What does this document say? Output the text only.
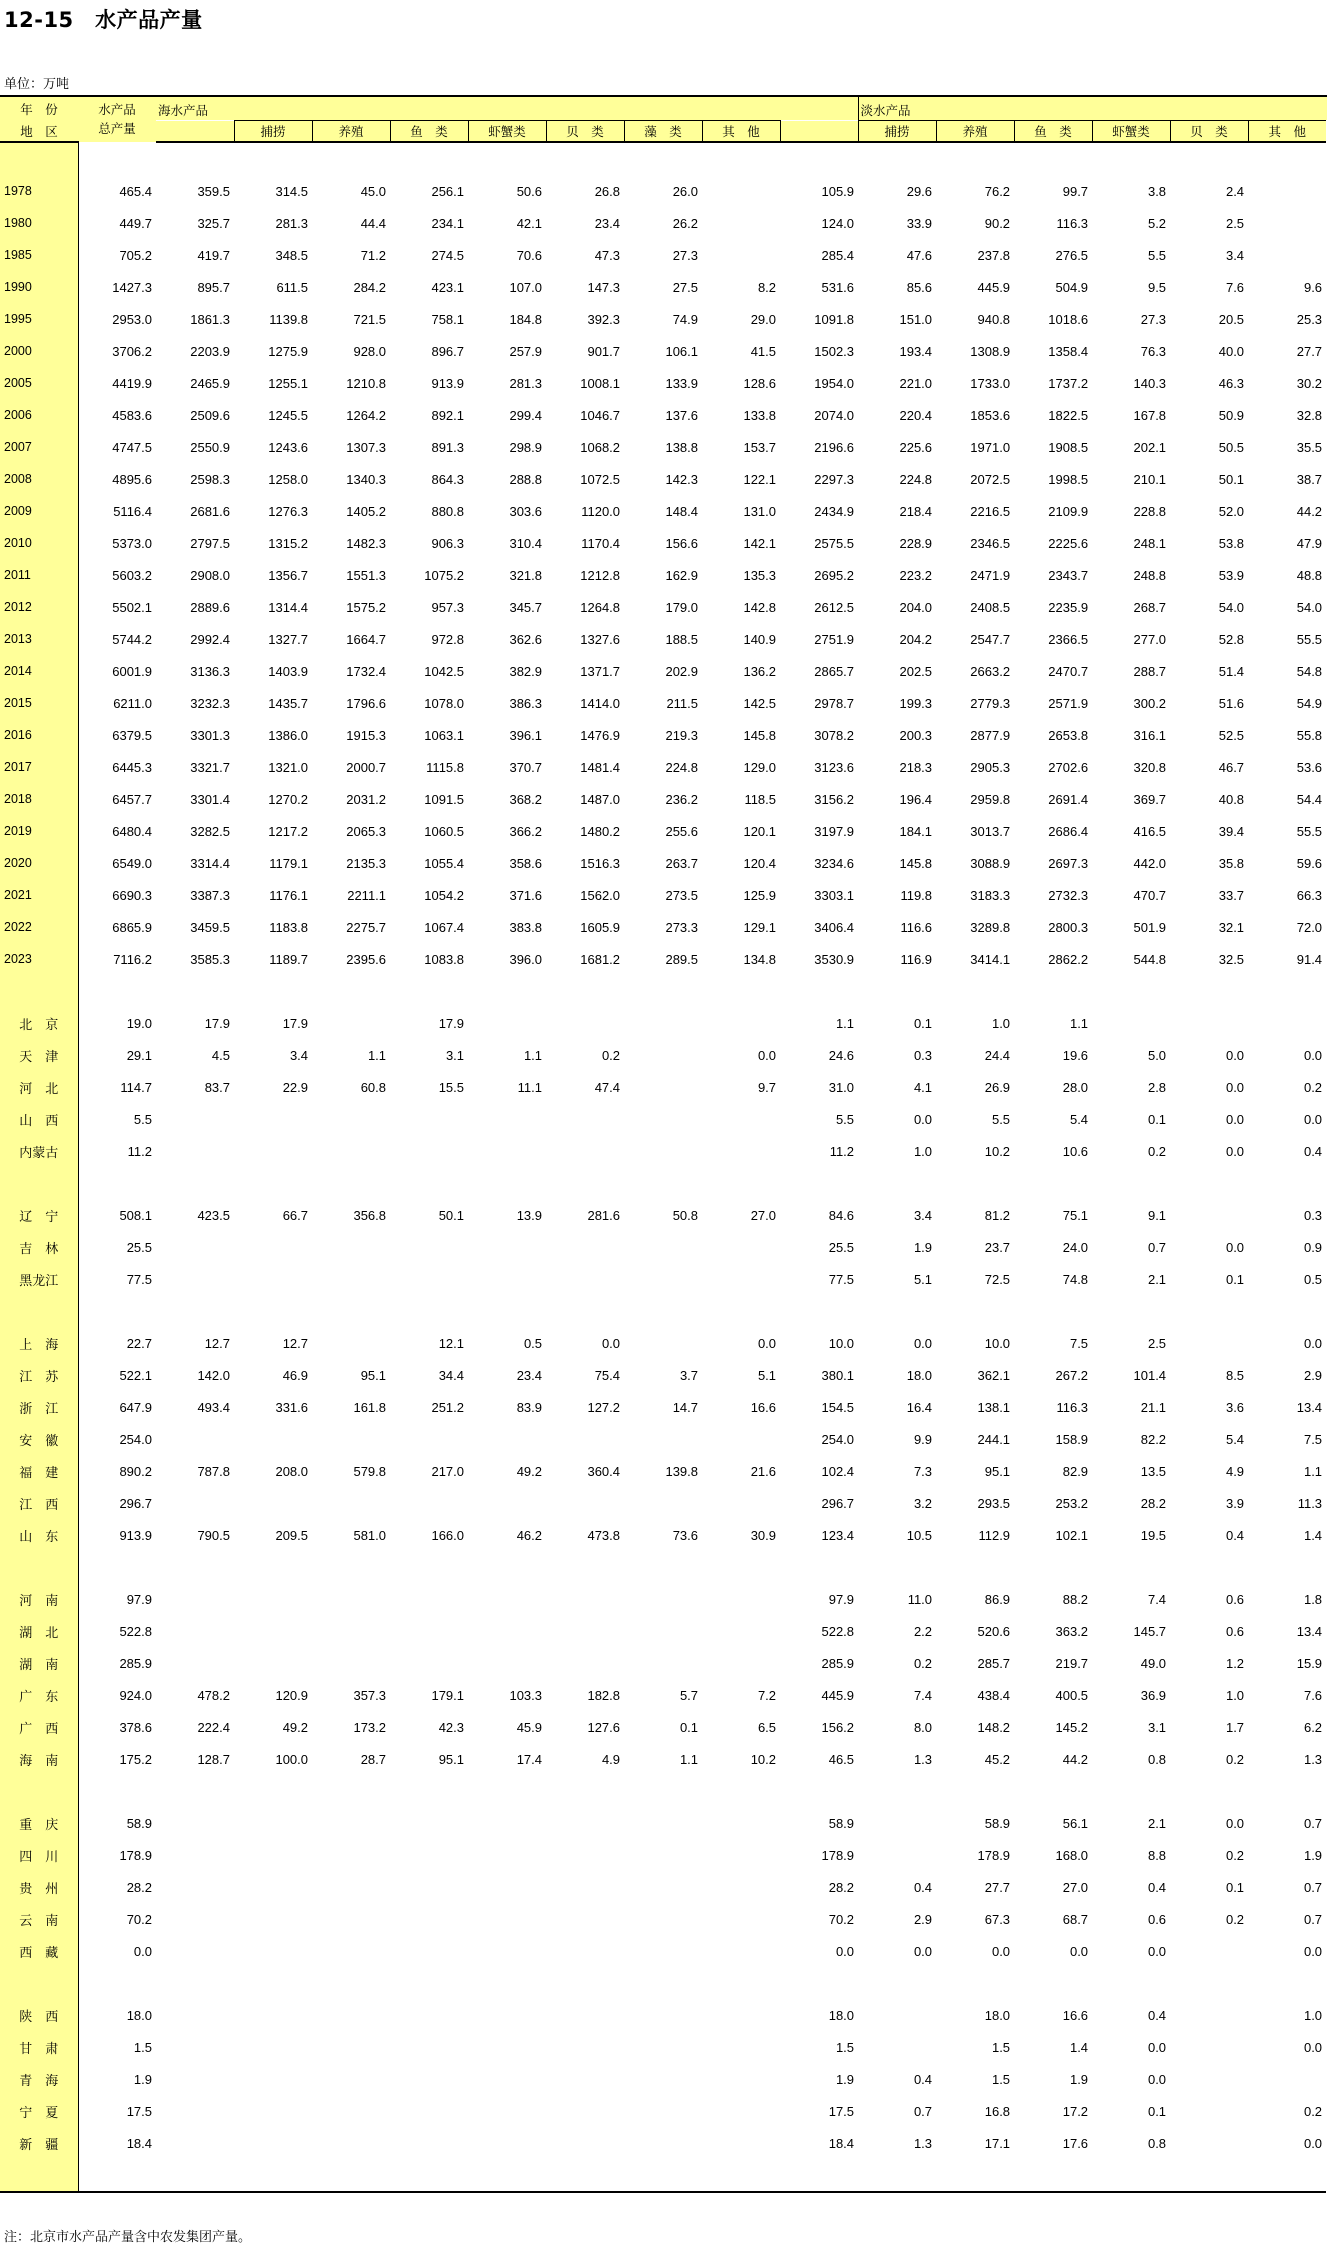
12-15　水产品产量
单位：万吨
年　份	水产品
总产量	海水产品									淡水产品					
地　区			捕捞	养殖	鱼　类	虾蟹类	贝　类	藻　类	其　他		捕捞	养殖	鱼　类	虾蟹类	贝　类	其　他

1978	465.4	359.5	314.5	45.0	256.1	50.6	26.8	26.0		105.9	29.6	76.2	99.7	3.8	2.4	
1980	449.7	325.7	281.3	44.4	234.1	42.1	23.4	26.2		124.0	33.9	90.2	116.3	5.2	2.5	
1985	705.2	419.7	348.5	71.2	274.5	70.6	47.3	27.3		285.4	47.6	237.8	276.5	5.5	3.4	
1990	1427.3	895.7	611.5	284.2	423.1	107.0	147.3	27.5	8.2	531.6	85.6	445.9	504.9	9.5	7.6	9.6
1995	2953.0	1861.3	1139.8	721.5	758.1	184.8	392.3	74.9	29.0	1091.8	151.0	940.8	1018.6	27.3	20.5	25.3
2000	3706.2	2203.9	1275.9	928.0	896.7	257.9	901.7	106.1	41.5	1502.3	193.4	1308.9	1358.4	76.3	40.0	27.7
2005	4419.9	2465.9	1255.1	1210.8	913.9	281.3	1008.1	133.9	128.6	1954.0	221.0	1733.0	1737.2	140.3	46.3	30.2
2006	4583.6	2509.6	1245.5	1264.2	892.1	299.4	1046.7	137.6	133.8	2074.0	220.4	1853.6	1822.5	167.8	50.9	32.8
2007	4747.5	2550.9	1243.6	1307.3	891.3	298.9	1068.2	138.8	153.7	2196.6	225.6	1971.0	1908.5	202.1	50.5	35.5
2008	4895.6	2598.3	1258.0	1340.3	864.3	288.8	1072.5	142.3	122.1	2297.3	224.8	2072.5	1998.5	210.1	50.1	38.7
2009	5116.4	2681.6	1276.3	1405.2	880.8	303.6	1120.0	148.4	131.0	2434.9	218.4	2216.5	2109.9	228.8	52.0	44.2
2010	5373.0	2797.5	1315.2	1482.3	906.3	310.4	1170.4	156.6	142.1	2575.5	228.9	2346.5	2225.6	248.1	53.8	47.9
2011	5603.2	2908.0	1356.7	1551.3	1075.2	321.8	1212.8	162.9	135.3	2695.2	223.2	2471.9	2343.7	248.8	53.9	48.8
2012	5502.1	2889.6	1314.4	1575.2	957.3	345.7	1264.8	179.0	142.8	2612.5	204.0	2408.5	2235.9	268.7	54.0	54.0
2013	5744.2	2992.4	1327.7	1664.7	972.8	362.6	1327.6	188.5	140.9	2751.9	204.2	2547.7	2366.5	277.0	52.8	55.5
2014	6001.9	3136.3	1403.9	1732.4	1042.5	382.9	1371.7	202.9	136.2	2865.7	202.5	2663.2	2470.7	288.7	51.4	54.8
2015	6211.0	3232.3	1435.7	1796.6	1078.0	386.3	1414.0	211.5	142.5	2978.7	199.3	2779.3	2571.9	300.2	51.6	54.9
2016	6379.5	3301.3	1386.0	1915.3	1063.1	396.1	1476.9	219.3	145.8	3078.2	200.3	2877.9	2653.8	316.1	52.5	55.8
2017	6445.3	3321.7	1321.0	2000.7	1115.8	370.7	1481.4	224.8	129.0	3123.6	218.3	2905.3	2702.6	320.8	46.7	53.6
2018	6457.7	3301.4	1270.2	2031.2	1091.5	368.2	1487.0	236.2	118.5	3156.2	196.4	2959.8	2691.4	369.7	40.8	54.4
2019	6480.4	3282.5	1217.2	2065.3	1060.5	366.2	1480.2	255.6	120.1	3197.9	184.1	3013.7	2686.4	416.5	39.4	55.5
2020	6549.0	3314.4	1179.1	2135.3	1055.4	358.6	1516.3	263.7	120.4	3234.6	145.8	3088.9	2697.3	442.0	35.8	59.6
2021	6690.3	3387.3	1176.1	2211.1	1054.2	371.6	1562.0	273.5	125.9	3303.1	119.8	3183.3	2732.3	470.7	33.7	66.3
2022	6865.9	3459.5	1183.8	2275.7	1067.4	383.8	1605.9	273.3	129.1	3406.4	116.6	3289.8	2800.3	501.9	32.1	72.0
2023	7116.2	3585.3	1189.7	2395.6	1083.8	396.0	1681.2	289.5	134.8	3530.9	116.9	3414.1	2862.2	544.8	32.5	91.4

北　京	19.0	17.9	17.9		17.9					1.1	0.1	1.0	1.1			
天　津	29.1	4.5	3.4	1.1	3.1	1.1	0.2		0.0	24.6	0.3	24.4	19.6	5.0	0.0	0.0
河　北	114.7	83.7	22.9	60.8	15.5	11.1	47.4		9.7	31.0	4.1	26.9	28.0	2.8	0.0	0.2
山　西	5.5									5.5	0.0	5.5	5.4	0.1	0.0	0.0
内蒙古	11.2									11.2	1.0	10.2	10.6	0.2	0.0	0.4

辽　宁	508.1	423.5	66.7	356.8	50.1	13.9	281.6	50.8	27.0	84.6	3.4	81.2	75.1	9.1		0.3
吉　林	25.5									25.5	1.9	23.7	24.0	0.7	0.0	0.9
黑龙江	77.5									77.5	5.1	72.5	74.8	2.1	0.1	0.5

上　海	22.7	12.7	12.7		12.1	0.5	0.0		0.0	10.0	0.0	10.0	7.5	2.5		0.0
江　苏	522.1	142.0	46.9	95.1	34.4	23.4	75.4	3.7	5.1	380.1	18.0	362.1	267.2	101.4	8.5	2.9
浙　江	647.9	493.4	331.6	161.8	251.2	83.9	127.2	14.7	16.6	154.5	16.4	138.1	116.3	21.1	3.6	13.4
安　徽	254.0									254.0	9.9	244.1	158.9	82.2	5.4	7.5
福　建	890.2	787.8	208.0	579.8	217.0	49.2	360.4	139.8	21.6	102.4	7.3	95.1	82.9	13.5	4.9	1.1
江　西	296.7									296.7	3.2	293.5	253.2	28.2	3.9	11.3
山　东	913.9	790.5	209.5	581.0	166.0	46.2	473.8	73.6	30.9	123.4	10.5	112.9	102.1	19.5	0.4	1.4

河　南	97.9									97.9	11.0	86.9	88.2	7.4	0.6	1.8
湖　北	522.8									522.8	2.2	520.6	363.2	145.7	0.6	13.4
湖　南	285.9									285.9	0.2	285.7	219.7	49.0	1.2	15.9
广　东	924.0	478.2	120.9	357.3	179.1	103.3	182.8	5.7	7.2	445.9	7.4	438.4	400.5	36.9	1.0	7.6
广　西	378.6	222.4	49.2	173.2	42.3	45.9	127.6	0.1	6.5	156.2	8.0	148.2	145.2	3.1	1.7	6.2
海　南	175.2	128.7	100.0	28.7	95.1	17.4	4.9	1.1	10.2	46.5	1.3	45.2	44.2	0.8	0.2	1.3

重　庆	58.9									58.9		58.9	56.1	2.1	0.0	0.7
四　川	178.9									178.9		178.9	168.0	8.8	0.2	1.9
贵　州	28.2									28.2	0.4	27.7	27.0	0.4	0.1	0.7
云　南	70.2									70.2	2.9	67.3	68.7	0.6	0.2	0.7
西　藏	0.0									0.0	0.0	0.0	0.0	0.0		0.0

陕　西	18.0									18.0		18.0	16.6	0.4		1.0
甘　肃	1.5									1.5		1.5	1.4	0.0		0.0
青　海	1.9									1.9	0.4	1.5	1.9	0.0		
宁　夏	17.5									17.5	0.7	16.8	17.2	0.1		0.2
新　疆	18.4									18.4	1.3	17.1	17.6	0.8		0.0

注：北京市水产品产量含中农发集团产量。
